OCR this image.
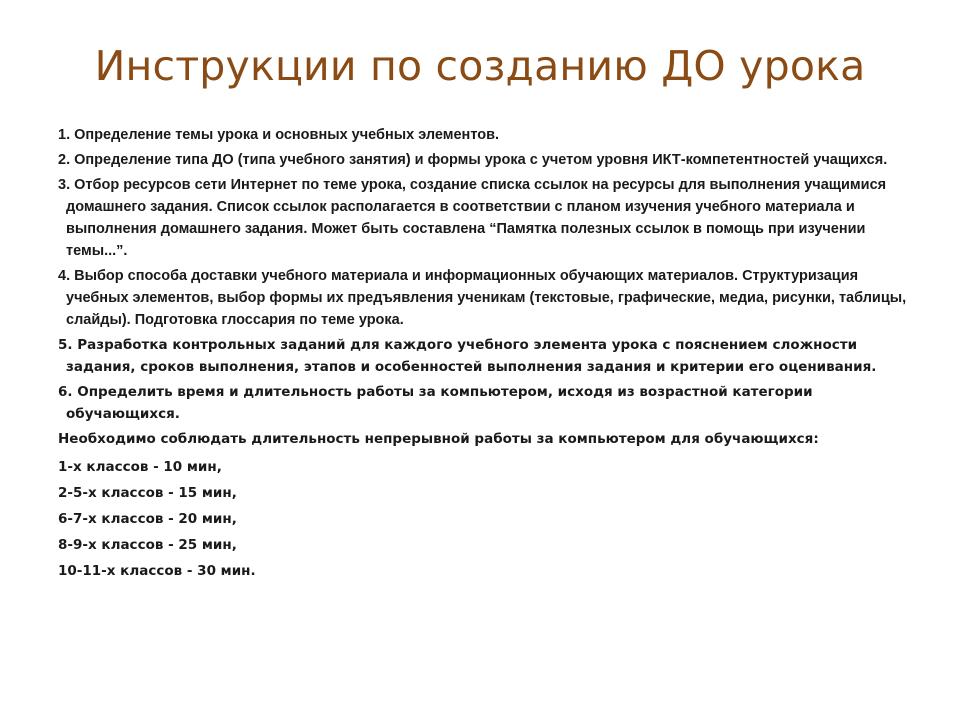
Инструкции по созданию ДО урока
1. Определение темы урока и основных учебных элементов.
2. Определение типа ДО (типа учебного занятия) и формы урока с учетом уровня ИКТ-компетентностей учащихся.
3. Отбор ресурсов сети Интернет по теме урока, создание списка ссылок на ресурсы для выполнения учащимися домашнего задания. Список ссылок располагается в соответствии с планом изучения учебного материала и выполнения домашнего задания. Может быть составлена “Памятка полезных ссылок в помощь при изучении темы...”.
4. Выбор способа доставки учебного материала и информационных обучающих материалов. Структуризация учебных элементов, выбор формы их предъявления ученикам (текстовые, графические, медиа, рисунки, таблицы, слайды). Подготовка глоссария по теме урока.
5. Разработка контрольных заданий для каждого учебного элемента урока с пояснением сложности задания, сроков выполнения, этапов и особенностей выполнения задания и критерии его оценивания.
6. Определить время и длительность работы за компьютером, исходя из возрастной категории обучающихся.
Необходимо соблюдать длительность непрерывной работы за компьютером для обучающихся:
1-х классов - 10 мин,
2-5-х классов - 15 мин,
6-7-х классов - 20 мин,
8-9-х классов - 25 мин,
10-11-х классов - 30 мин.
